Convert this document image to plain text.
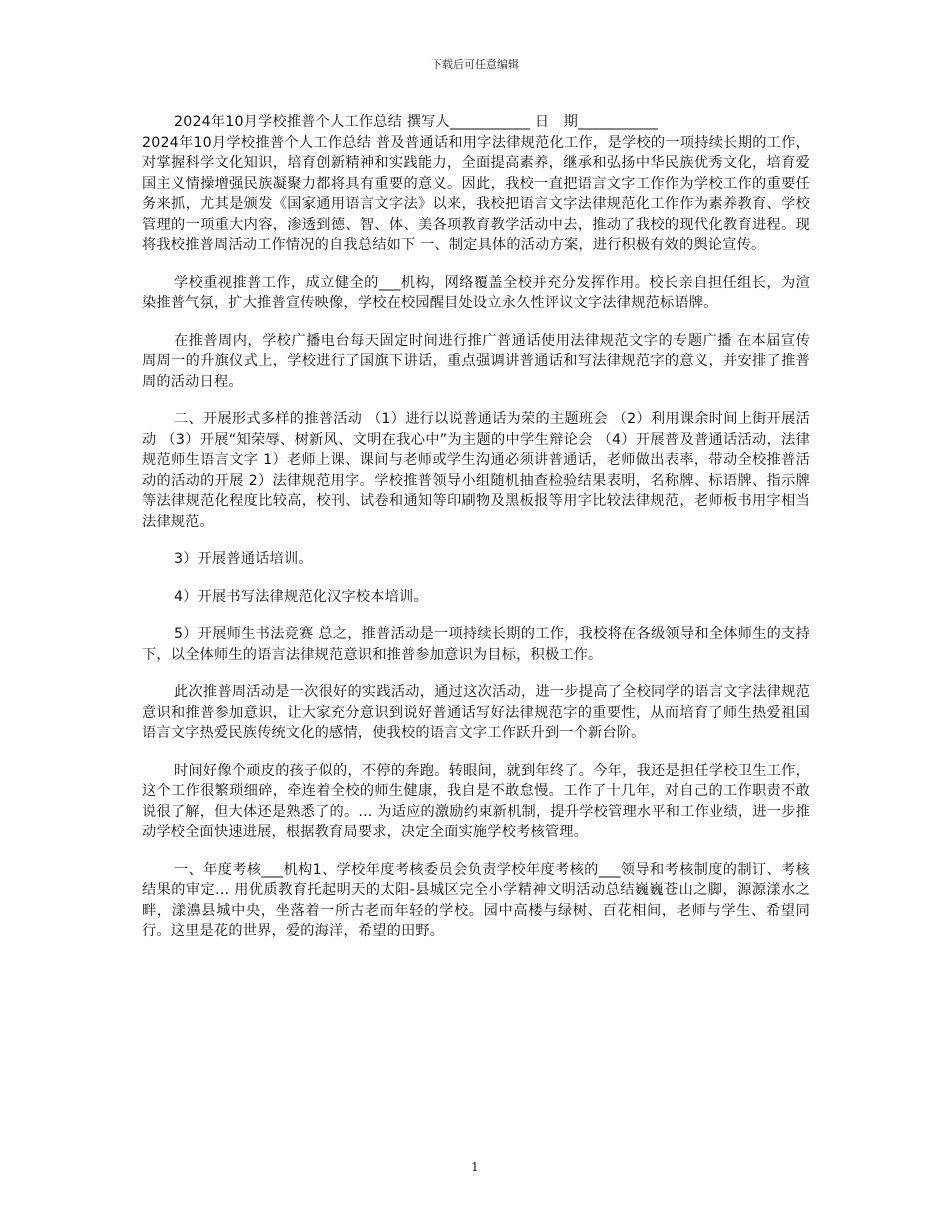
下载后可任意编辑

2024年10月学校推普个人工作总结 撰写人___________ 日　期___________
2024年10月学校推普个人工作总结 普及普通话和用字法律规范化工作，是学校的一项持续长期的工作，对掌握科学文化知识，培育创新精神和实践能力，全面提高素养，继承和弘扬中华民族优秀文化，培育爱国主义情操增强民族凝聚力都将具有重要的意义。因此，我校一直把语言文字工作作为学校工作的重要任务来抓，尤其是颁发《国家通用语言文字法》以来，我校把语言文字法律规范化工作作为素养教育、学校管理的一项重大内容，渗透到德、智、体、美各项教育教学活动中去，推动了我校的现代化教育进程。现将我校推普周活动工作情况的自我总结如下 一、制定具体的活动方案，进行积极有效的舆论宣传。

学校重视推普工作，成立健全的___机构，网络覆盖全校并充分发挥作用。校长亲自担任组长，为渲染推普气氛，扩大推普宣传映像，学校在校园醒目处设立永久性评议文字法律规范标语牌。

在推普周内，学校广播电台每天固定时间进行推广普通话使用法律规范文字的专题广播 在本届宣传周周一的升旗仪式上，学校进行了国旗下讲话，重点强调讲普通话和写法律规范字的意义，并安排了推普周的活动日程。

二、开展形式多样的推普活动 （1）进行以说普通话为荣的主题班会 （2）利用课余时间上街开展活动 （3）开展“知荣辱、树新风、文明在我心中”为主题的中学生辩论会 （4）开展普及普通话活动，法律规范师生语言文字 1）老师上课、课间与老师或学生沟通必须讲普通话，老师做出表率，带动全校推普活动的活动的开展 2）法律规范用字。学校推普领导小组随机抽查检验结果表明，名称牌、标语牌、指示牌等法律规范化程度比较高，校刊、试卷和通知等印刷物及黑板报等用字比较法律规范，老师板书用字相当法律规范。

3）开展普通话培训。

4）开展书写法律规范化汉字校本培训。

5）开展师生书法竞赛 总之，推普活动是一项持续长期的工作，我校将在各级领导和全体师生的支持下，以全体师生的语言法律规范意识和推普参加意识为目标，积极工作。

此次推普周活动是一次很好的实践活动，通过这次活动，进一步提高了全校同学的语言文字法律规范意识和推普参加意识，让大家充分意识到说好普通话写好法律规范字的重要性，从而培育了师生热爱祖国语言文字热爱民族传统文化的感情，使我校的语言文字工作跃升到一个新台阶。

时间好像个顽皮的孩子似的，不停的奔跑。转眼间，就到年终了。今年，我还是担任学校卫生工作，这个工作很繁琐细碎，牵连着全校的师生健康，我自是不敢怠慢。工作了十几年，对自己的工作职责不敢说很了解，但大体还是熟悉了的。... 为适应的激励约束新机制，提升学校管理水平和工作业绩，进一步推动学校全面快速进展，根据教育局要求，决定全面实施学校考核管理。

一、年度考核___机构1、学校年度考核委员会负责学校年度考核的___领导和考核制度的制订、考核结果的审定... 用优质教育托起明天的太阳-县城区完全小学精神文明活动总结巍巍苍山之脚，源源漾水之畔，漾濞县城中央，坐落着一所古老而年轻的学校。园中高楼与绿树、百花相间，老师与学生、希望同行。这里是花的世界，爱的海洋，希望的田野。

1
